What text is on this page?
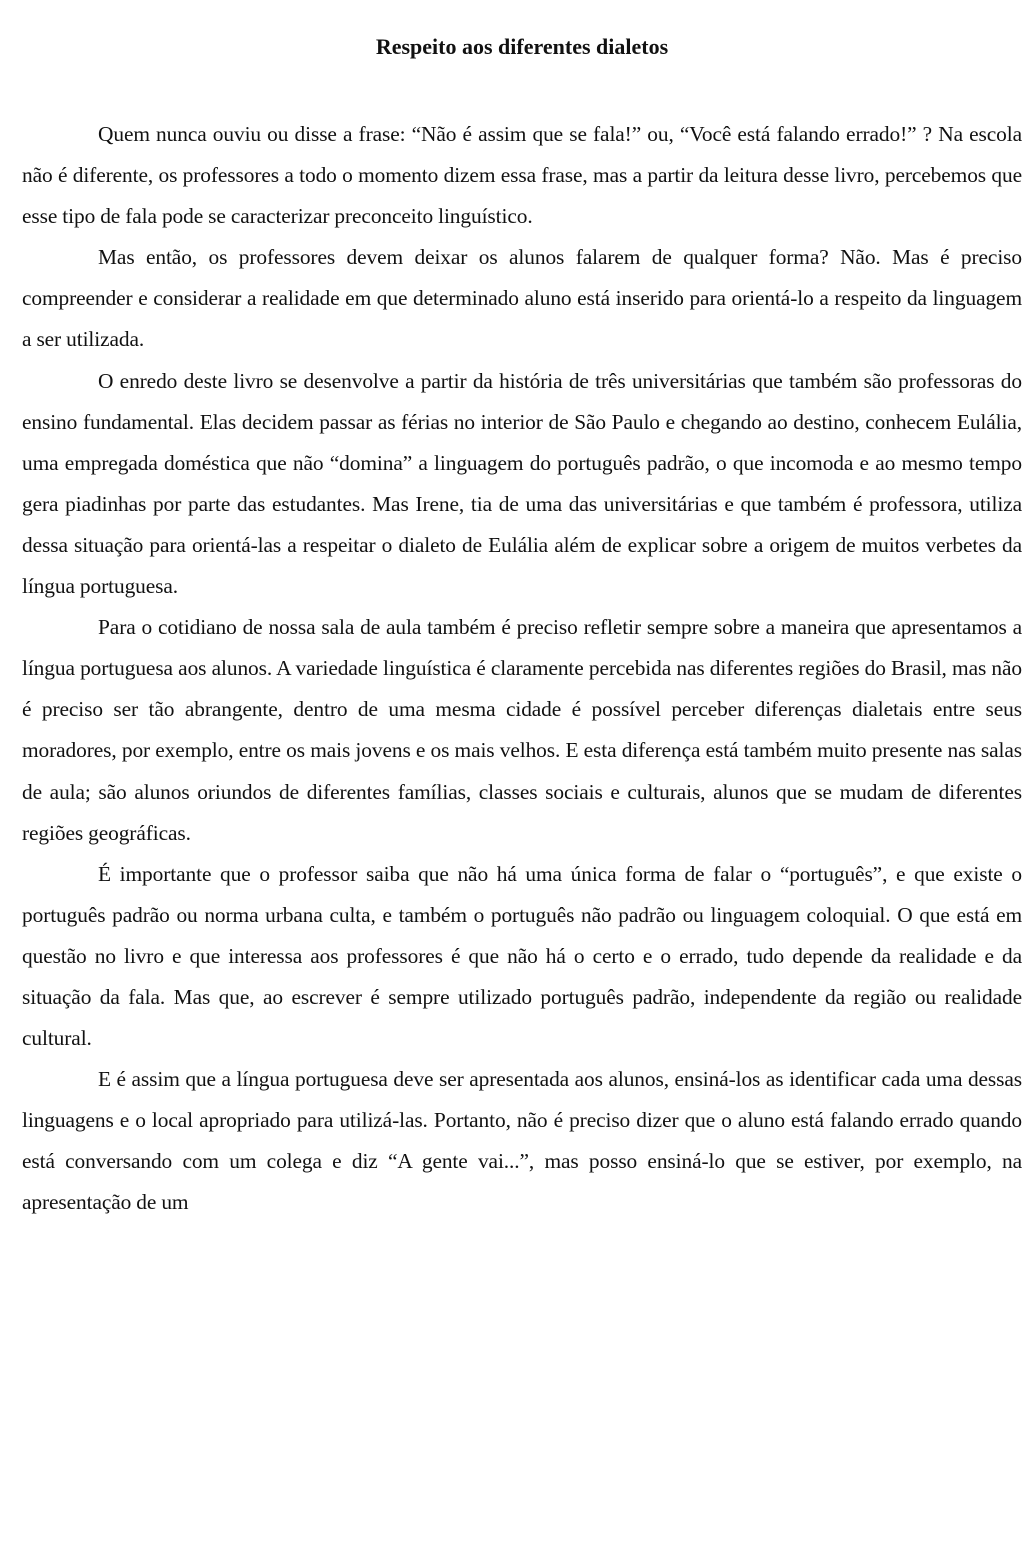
Respeito aos diferentes dialetos

Quem nunca ouviu ou disse a frase: “Não é assim que se fala!” ou, “Você está falando errado!” ? Na escola não é diferente, os professores a todo o momento dizem essa frase, mas a partir da leitura desse livro, percebemos que esse tipo de fala pode se caracterizar preconceito linguístico.

Mas então, os professores devem deixar os alunos falarem de qualquer forma? Não. Mas é preciso compreender e considerar a realidade em que determinado aluno está inserido para orientá-lo a respeito da linguagem a ser utilizada.

O enredo deste livro se desenvolve a partir da história de três universitárias que também são professoras do ensino fundamental. Elas decidem passar as férias no interior de São Paulo e chegando ao destino, conhecem Eulália, uma empregada doméstica que não “domina” a linguagem do português padrão, o que incomoda e ao mesmo tempo gera piadinhas por parte das estudantes. Mas Irene, tia de uma das universitárias e que também é professora, utiliza dessa situação para orientá-las a respeitar o dialeto de Eulália além de explicar sobre a origem de muitos verbetes da língua portuguesa.

Para o cotidiano de nossa sala de aula também é preciso refletir sempre sobre a maneira que apresentamos a língua portuguesa aos alunos. A variedade linguística é claramente percebida nas diferentes regiões do Brasil, mas não é preciso ser tão abrangente, dentro de uma mesma cidade é possível perceber diferenças dialetais entre seus moradores, por exemplo, entre os mais jovens e os mais velhos. E esta diferença está também muito presente nas salas de aula; são alunos oriundos de diferentes famílias, classes sociais e culturais, alunos que se mudam de diferentes regiões geográficas.

É importante que o professor saiba que não há uma única forma de falar o “português”, e que existe o português padrão ou norma urbana culta, e também o português não padrão ou linguagem coloquial. O que está em questão no livro e que interessa aos professores é que não há o certo e o errado, tudo depende da realidade e da situação da fala. Mas que, ao escrever é sempre utilizado português padrão, independente da região ou realidade cultural.

E é assim que a língua portuguesa deve ser apresentada aos alunos, ensiná-los as identificar cada uma dessas linguagens e o local apropriado para utilizá-las. Portanto, não é preciso dizer que o aluno está falando errado quando está conversando com um colega e diz “A gente vai...”, mas posso ensiná-lo que se estiver, por exemplo, na apresentação de um
